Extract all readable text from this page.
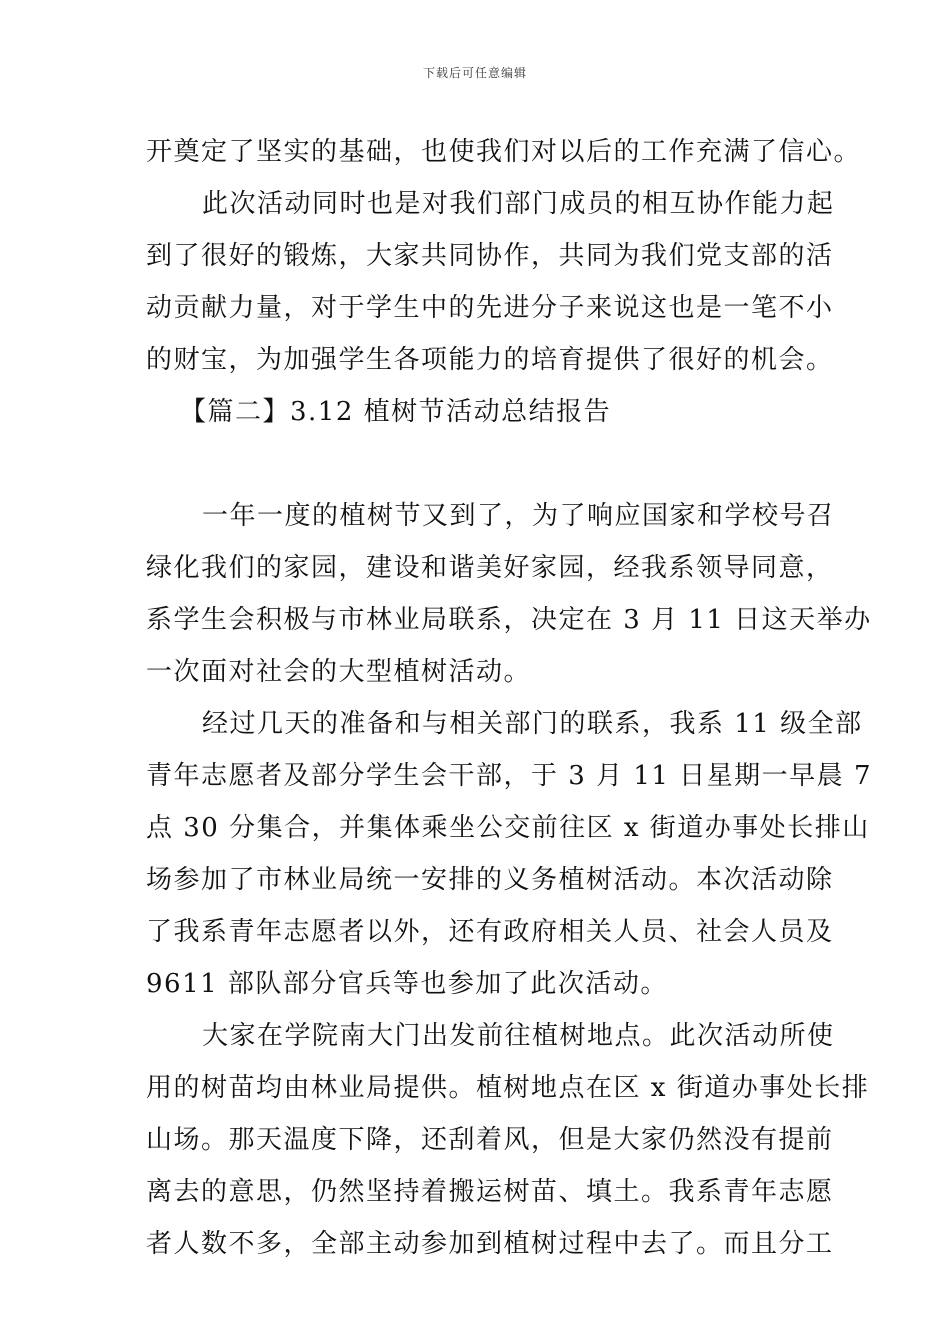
下载后可任意编辑
开奠定了坚实的基础，也使我们对以后的工作充满了信心。
此次活动同时也是对我们部门成员的相互协作能力起
到了很好的锻炼，大家共同协作，共同为我们党支部的活
动贡献力量，对于学生中的先进分子来说这也是一笔不小
的财宝，为加强学生各项能力的培育提供了很好的机会。
【篇二】3.12 植树节活动总结报告
一年一度的植树节又到了，为了响应国家和学校号召
绿化我们的家园，建设和谐美好家园，经我系领导同意，
系学生会积极与市林业局联系，决定在 3 月 11 日这天举办
一次面对社会的大型植树活动。
经过几天的准备和与相关部门的联系，我系 11 级全部
青年志愿者及部分学生会干部，于 3 月 11 日星期一早晨 7
点 30 分集合，并集体乘坐公交前往区 x 街道办事处长排山
场参加了市林业局统一安排的义务植树活动。本次活动除
了我系青年志愿者以外，还有政府相关人员、社会人员及
9611 部队部分官兵等也参加了此次活动。
大家在学院南大门出发前往植树地点。此次活动所使
用的树苗均由林业局提供。植树地点在区 x 街道办事处长排
山场。那天温度下降，还刮着风，但是大家仍然没有提前
离去的意思，仍然坚持着搬运树苗、填土。我系青年志愿
者人数不多，全部主动参加到植树过程中去了。而且分工
